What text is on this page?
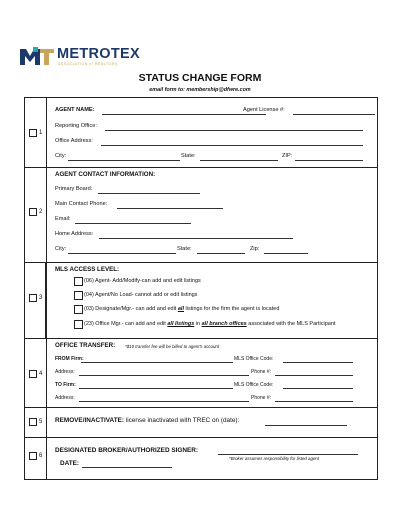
METROTEX
ASSOCIATION of REALTORS
STATUS CHANGE FORM
email form to: membership@dfwre.com
1
AGENT NAME:	Agent License #:
Reporting Office:
Office Address:
City:	State:	ZIP:
2
AGENT CONTACT INFORMATION:
Primary Board:
Main Contact Phone:
Email:
Home Address:
City:	State:	Zip:
3
MLS ACCESS LEVEL:
(06) Agent- Add/Modify-can add and edit listings
(04) Agent/No Load- cannot add or edit listings
(03) Designate/Mgr.- can add and edit all listings for the firm the agent is located
(23) Office Mgr.- can add and edit all listings in all branch offices associated with the MLS Participant
4
OFFICE TRANSFER: *$10 transfer fee will be billed to agent's account
FROM Firm:	MLS Office Code:
Address:	Phone #:
TO Firm:	MLS Office Code:
Address:	Phone #:
5 REMOVE/INACTIVATE: license inactivated with TREC on (date):
6
DESIGNATED BROKER/AUTHORIZED SIGNER:
*Broker assumes responsibility for listed agent
DATE:
